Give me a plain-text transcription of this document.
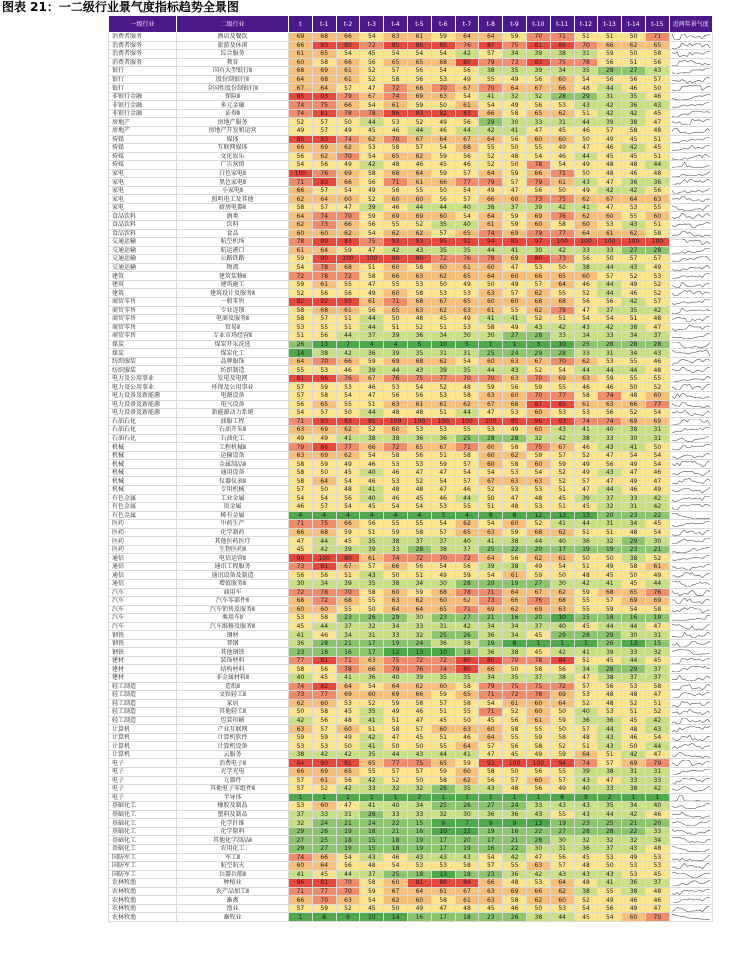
图表 21：一二级行业景气度指标趋势全景图
一级行业	二级行业	t	t-1	t-2	t-3	t-4	t-5	t-6	t-7	t-8	t-9	t-10	t-11	t-12	t-13	t-14	t-15	近两年景气度
消费者服务	酒店及餐饮	69	68	66	54	63	61	59	64	64	59	70	71	51	51	50	71	

消费者服务	旅游及休闲	66	83	80	72	85	86	85	76	87	75	81	89	70	66	62	65	

消费者服务	综合服务	61	65	54	45	54	54	54	42	57	34	39	38	31	59	50	58	

消费者服务	教育	60	58	66	56	65	65	68	80	79	73	83	75	78	56	51	56	

银行	国有大型银行Ⅱ	68	69	61	52	57	56	54	56	38	35	39	34	35	28	27	43	

银行	股份制银行Ⅱ	64	68	61	52	58	56	53	49	55	49	56	60	54	56	56	57	

银行	全国性股份制银行Ⅱ	67	64	57	47	72	68	70	67	70	64	67	66	48	44	46	50	

非银行金融	保险Ⅱ	85	93	79	67	74	69	63	54	41	32	32	28	29	31	35	46	

非银行金融	多元金融	74	75	66	54	61	59	50	61	54	49	56	53	43	42	36	43	

非银行金融	证券Ⅱ	74	81	78	78	86	83	82	83	66	58	65	62	51	42	42	45	

房地产	房地产服务	52	57	50	44	53	52	49	56	29	30	33	31	44	39	38	47	

房地产	房地产开发和运营	49	57	49	45	46	44	46	44	42	41	47	45	46	57	58	48	

传媒	媒体	80	83	74	62	70	67	64	67	64	56	60	60	50	49	45	51	

传媒	互联网媒体	66	69	62	53	58	57	54	68	55	50	55	49	47	46	42	45	

传媒	文化娱乐	56	62	70	54	65	62	59	56	52	48	54	46	44	45	45	51	

传媒	广告营销	54	56	49	42	48	46	45	46	52	50	78	54	49	48	48	44	

家电	白色家电Ⅱ	100	76	69	58	68	64	59	57	64	59	66	71	50	48	46	48	

家电	黑色家电Ⅱ	71	83	66	56	71	61	66	77	79	57	79	61	43	47	36	36	

家电	小家电Ⅱ	66	57	54	49	56	55	50	54	49	47	56	50	49	42	42	56	

家电	照明电工及其他	62	64	60	52	60	60	56	57	66	60	73	75	62	67	64	63	

家电	厨房电器Ⅱ	58	57	47	39	46	44	44	40	38	37	39	42	41	47	53	55	

食品饮料	酒类	64	74	70	59	69	69	60	54	64	59	69	76	62	60	55	60	

食品饮料	饮料	62	73	66	56	55	52	35	40	61	59	60	58	60	53	43	51	

食品饮料	食品	60	60	62	54	62	62	57	65	74	69	79	77	64	61	62	58	

交通运输	航空机场	78	89	83	75	93	93	95	92	94	85	97	100	100	100	100	100	

交通运输	航运港口	61	64	59	47	42	43	35	35	44	41	30	42	33	33	27	28	

交通运输	公路铁路	59	90	100	100	90	90	72	76	78	69	80	73	56	50	57	57	

交通运输	物流	54	78	68	51	60	58	60	61	60	47	53	50	38	44	43	49	

建筑	建筑装修Ⅱ	72	78	72	58	66	63	62	65	64	60	66	65	60	57	52	53	

建筑	建筑施工	59	61	55	47	55	53	50	49	50	49	57	64	46	44	49	52	

建筑	建筑设计及服务Ⅱ	52	56	56	49	60	58	53	53	63	57	62	55	52	44	46	52	

商贸零售	一般零售	82	92	93	61	71	68	67	65	60	60	68	68	56	56	42	57	

商贸零售	专业连锁	58	68	61	56	65	63	62	63	61	55	62	79	47	37	35	42	

商贸零售	电商及服务Ⅱ	58	57	51	44	50	48	45	49	41	41	52	51	54	54	51	48	

商贸零售	贸易Ⅱ	53	55	51	44	51	52	51	53	58	49	43	42	43	42	38	47	

商贸零售	专业市场经营Ⅱ	51	56	44	37	39	36	34	30	30	27	28	33	34	33	34	37	

煤炭	煤炭开采洗选	26	13	7	4	4	5	10	5	1	1	3	10	25	28	28	28	

煤炭	煤炭化工	14	38	42	36	39	35	31	31	25	24	29	28	33	31	34	43	

纺织服装	品牌服饰	64	70	66	59	69	68	62	54	60	63	67	70	62	53	55	46	

纺织服装	纺织制造	55	53	46	39	44	43	39	35	44	43	52	54	44	44	44	48	

电力及公用事业	发电及电网	81	96	76	67	76	75	77	70	70	63	70	69	63	59	55	55	

电力及公用事业	环保及公用事业	57	59	53	46	53	54	52	48	59	56	59	55	46	46	50	52	

电力设备及新能源	电源设备	57	58	54	47	56	56	53	58	63	60	70	77	58	74	48	60	

电力设备及新能源	电气设备	56	65	55	51	63	61	61	62	67	68	87	85	61	63	66	77	

电力设备及新能源	新能源动力系统	54	57	50	44	48	48	51	44	47	53	60	53	53	56	52	54	

石油石化	油服工程	71	93	83	85	100	100	100	100	100	85	96	93	74	74	69	69	

石油石化	石油开采Ⅱ	63	69	62	52	60	53	53	55	53	49	60	43	41	40	38	31	

石油石化	石油化工	49	49	41	38	38	36	36	25	28	28	32	42	38	33	30	31	

机械	工程机械Ⅱ	79	86	77	66	72	65	67	71	60	58	75	67	46	43	41	50	

机械	运输设备	63	69	62	54	58	56	51	58	60	62	59	57	52	47	54	54	

机械	金属制品Ⅱ	58	59	49	46	53	53	59	57	60	58	60	59	49	56	49	54	

机械	通用设备	58	50	45	40	46	47	47	54	54	53	54	52	49	43	47	46	

机械	仪器仪表Ⅱ	58	64	54	46	53	52	54	57	67	63	63	52	57	47	49	47	

机械	专用机械	57	50	48	41	48	48	47	46	52	53	53	51	47	44	46	49	

有色金属	工业金属	54	54	56	40	46	45	46	44	50	47	48	45	39	37	33	42	

有色金属	贵金属	46	57	54	45	54	54	53	55	51	48	53	51	45	32	31	42	

有色金属	稀有金属	4	4	4	4	4	4	3	4	8	8	12	13	13	20	23	22	

医药	中药生产	71	75	66	56	55	55	54	62	54	60	52	41	44	31	34	45	

医药	化学制药	66	68	59	51	59	58	57	65	63	59	68	62	51	51	48	54	

医药	其他医药医疗	47	44	45	35	38	37	37	40	41	38	44	40	36	32	29	30	

医药	生物医药Ⅱ	45	42	39	39	33	28	38	37	25	22	20	17	19	19	23	21	

通信	电信运营Ⅱ	90	100	80	61	74	72	70	72	64	56	62	61	50	50	38	52	

通信	通讯工程服务	73	81	67	57	66	56	54	56	39	38	49	54	51	49	58	61	

通信	通讯设备及制造	56	56	51	43	50	51	49	59	54	61	59	50	48	45	50	49	

通信	增值服务Ⅱ	30	34	39	35	38	34	30	28	20	19	27	30	42	41	45	44	

汽车	商用车	72	78	70	58	60	59	68	78	71	64	67	62	59	68	65	76	

汽车	汽车零部件Ⅱ	68	72	68	55	63	62	60	62	73	66	76	68	55	57	69	69	

汽车	汽车销售及服务Ⅱ	60	60	55	50	64	64	65	71	69	62	69	63	55	59	54	58	

汽车	乘用车Ⅱ	53	58	23	26	29	30	23	27	21	16	20	10	15	18	16	19	

汽车	汽车维修及服务Ⅱ	45	44	37	32	34	33	31	42	34	34	37	40	45	44	44	47	

钢铁	钢材	41	46	34	31	33	32	25	26	36	34	45	29	28	29	30	31	

钢铁	普钢	36	28	21	17	19	24	36	38	19	8	1	1	1	26	13	15	

钢铁	其他钢铁	23	18	16	17	12	13	10	18	36	38	45	42	41	39	33	32	

建材	装饰材料	77	81	71	63	75	72	72	80	80	70	78	84	51	45	44	45	

建材	结构材料	58	56	78	66	79	76	74	80	66	50	58	56	34	28	29	37	

建材	非金属材料Ⅱ	40	45	41	36	40	39	35	35	34	35	37	38	47	38	37	37	

轻工制造	造纸Ⅱ	74	82	64	54	64	62	60	58	79	75	75	72	57	56	53	58	

轻工制造	文娱轻工Ⅱ	73	77	69	60	69	66	59	65	71	72	78	69	53	48	48	47	

轻工制造	家居	62	60	53	52	59	58	57	58	54	61	60	64	52	48	52	51	

轻工制造	其他轻工Ⅱ	50	58	45	35	49	46	51	55	71	52	60	50	40	53	51	52	

轻工制造	包装印刷	42	56	48	41	51	47	45	50	45	56	61	59	36	36	45	42	

计算机	产业互联网	63	57	60	51	58	57	60	63	60	58	55	50	57	44	48	43	

计算机	计算机软件	59	59	49	42	47	45	51	46	64	55	59	58	48	43	46	54	

计算机	计算机设备	53	53	50	41	50	50	55	64	57	56	58	52	51	43	50	44	

计算机	云服务	38	42	42	35	44	43	44	41	47	45	49	59	64	51	42	47	

电子	消费电子Ⅱ	84	90	81	65	77	75	65	59	93	100	100	94	74	57	69	79	

电子	光学光电	66	69	65	55	57	57	59	60	58	50	56	55	39	38	31	31	

电子	元器件	57	61	56	42	52	50	58	62	56	57	60	57	43	47	33	33	

电子	其他电子零组件Ⅱ	57	52	42	33	32	32	26	35	43	48	56	49	40	33	38	42	

电子	半导体	1	1	1	1	1	2	1	1	1	1	1	8	9	2	1	1	

基础化工	橡胶及制品	53	60	47	41	40	34	25	26	27	24	33	43	43	35	34	40	

基础化工	塑料及制品	37	33	31	26	33	33	32	30	36	36	43	55	43	44	42	46	

基础化工	化学纤维	32	24	21	24	22	15	9	7	9	9	13	19	23	25	21	20	

基础化工	化学原料	29	26	19	18	21	16	10	12	19	16	22	27	28	28	22	33	

基础化工	其他化学制品Ⅱ	27	25	18	15	18	19	17	20	17	21	28	30	32	32	32	34	

基础化工	农用化工	29	27	19	15	18	19	17	19	16	22	30	31	36	37	43	48	

国防军工	军工Ⅱ	74	66	54	43	46	43	43	43	54	42	47	56	45	53	49	53	

国防军工	航空航天	60	64	56	48	54	53	53	58	57	55	63	57	48	50	53	53	

国防军工	兵器兵船Ⅱ	41	45	44	37	25	18	13	18	23	36	42	43	43	43	53	45	

农林牧渔	种植业	96	81	70	58	60	81	88	84	66	48	53	64	48	41	36	37	

农林牧渔	农产品加工Ⅱ	71	77	70	59	67	64	61	67	63	69	66	62	38	55	38	48	

农林牧渔	畜禽	66	70	63	54	62	60	58	61	63	58	62	60	52	49	46	46	

农林牧渔	渔业	57	59	52	45	50	49	47	48	45	46	50	53	54	56	49	47	

农林牧渔	畜牧业	1	8	9	10	14	16	17	18	23	26	38	44	45	54	60	70	
